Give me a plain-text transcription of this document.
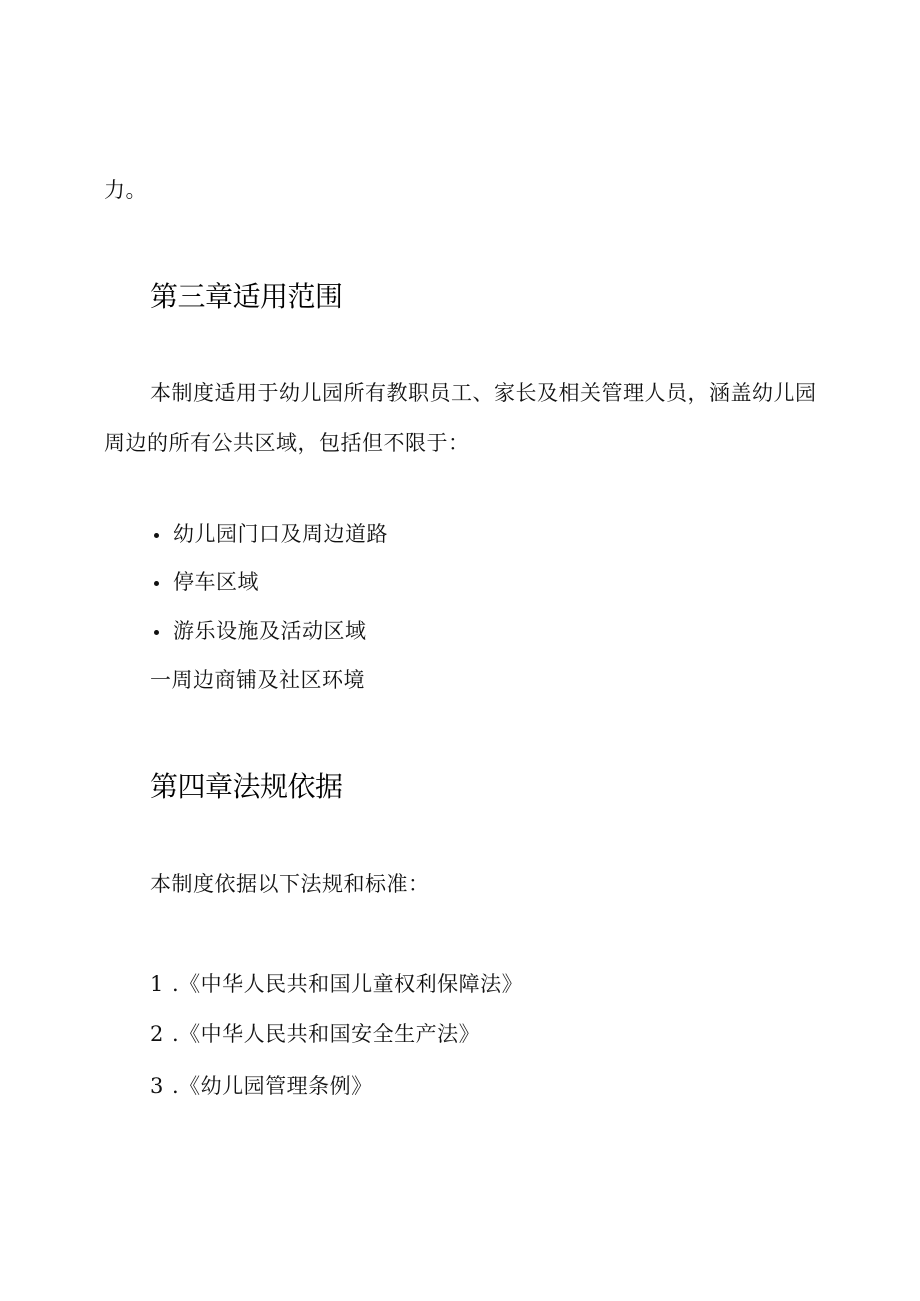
力。
第三章适用范围
本制度适用于幼儿园所有教职员工、家长及相关管理人员，涵盖幼儿园
周边的所有公共区域，包括但不限于：
幼儿园门口及周边道路
停车区域
游乐设施及活动区域
一周边商铺及社区环境
第四章法规依据
本制度依据以下法规和标准：
1 .《中华人民共和国儿童权利保障法》
2 .《中华人民共和国安全生产法》
3 .《幼儿园管理条例》
